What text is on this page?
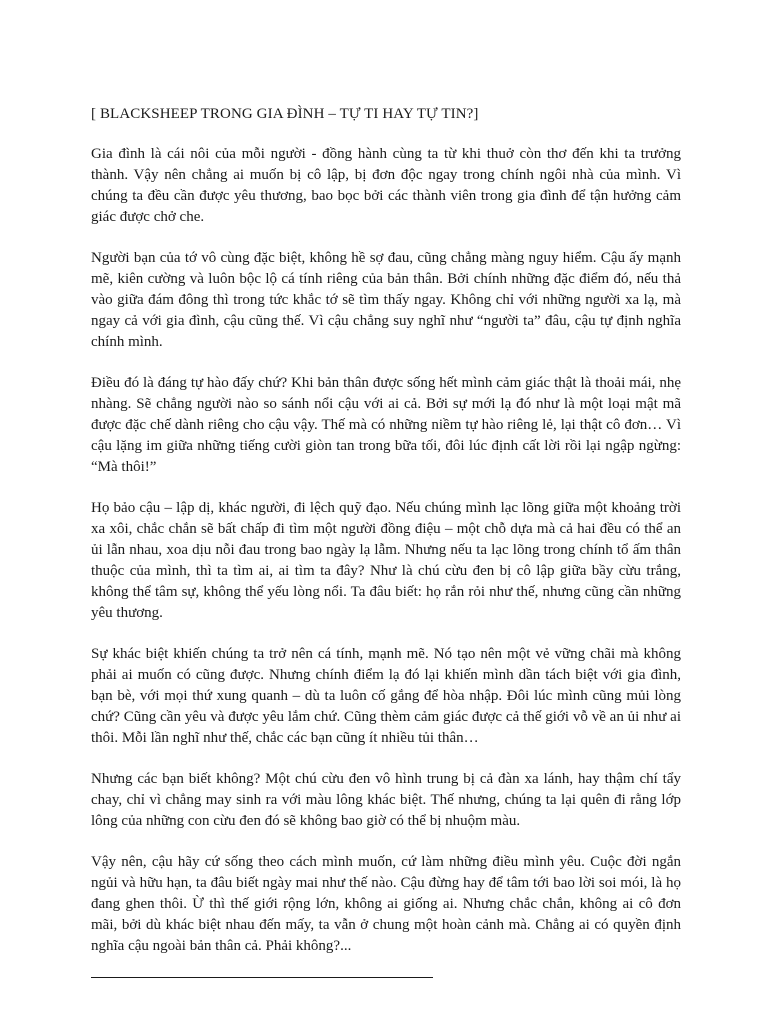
[ BLACKSHEEP TRONG GIA ĐÌNH – TỰ TI HAY TỰ TIN?]

Gia đình là cái nôi của mỗi người - đồng hành cùng ta từ khi thuở còn thơ đến khi ta trưởng thành. Vậy nên chẳng ai muốn bị cô lập, bị đơn độc ngay trong chính ngôi nhà của mình. Vì chúng ta đều cần được yêu thương, bao bọc bởi các thành viên trong gia đình để tận hưởng cảm giác được chở che.

Người bạn của tớ vô cùng đặc biệt, không hề sợ đau, cũng chẳng màng nguy hiểm. Cậu ấy mạnh mẽ, kiên cường và luôn bộc lộ cá tính riêng của bản thân. Bởi chính những đặc điểm đó, nếu thả vào giữa đám đông thì trong tức khắc tớ sẽ tìm thấy ngay. Không chỉ với những người xa lạ, mà ngay cả với gia đình, cậu cũng thế. Vì cậu chẳng suy nghĩ như “người ta” đâu, cậu tự định nghĩa chính mình.

Điều đó là đáng tự hào đấy chứ? Khi bản thân được sống hết mình cảm giác thật là thoải mái, nhẹ nhàng. Sẽ chẳng người nào so sánh nổi cậu với ai cả. Bởi sự mới lạ đó như là một loại mật mã được đặc chế dành riêng cho cậu vậy. Thế mà có những niềm tự hào riêng lẻ, lại thật cô đơn… Vì cậu lặng im giữa những tiếng cười giòn tan trong bữa tối, đôi lúc định cất lời rồi lại ngập ngừng: “Mà thôi!”

Họ bảo cậu – lập dị, khác người, đi lệch quỹ đạo. Nếu chúng mình lạc lõng giữa một khoảng trời xa xôi, chắc chắn sẽ bất chấp đi tìm một người đồng điệu – một chỗ dựa mà cả hai đều có thể an ủi lẫn nhau, xoa dịu nỗi đau trong bao ngày lạ lẫm. Nhưng nếu ta lạc lõng trong chính tổ ấm thân thuộc của mình, thì ta tìm ai, ai tìm ta đây? Như là chú cừu đen bị cô lập giữa bầy cừu trắng, không thể tâm sự, không thể yếu lòng nổi. Ta đâu biết: họ rắn rỏi như thế, nhưng cũng cần những yêu thương.

Sự khác biệt khiến chúng ta trở nên cá tính, mạnh mẽ. Nó tạo nên một vẻ vững chãi mà không phải ai muốn có cũng được. Nhưng chính điểm lạ đó lại khiến mình dần tách biệt với gia đình, bạn bè, với mọi thứ xung quanh – dù ta luôn cố gắng để hòa nhập. Đôi lúc mình cũng mủi lòng chứ? Cũng cần yêu và được yêu lắm chứ. Cũng thèm cảm giác được cả thế giới vỗ về an ủi như ai thôi. Mỗi lần nghĩ như thế, chắc các bạn cũng ít nhiều tủi thân…

Nhưng các bạn biết không? Một chú cừu đen vô hình trung bị cả đàn xa lánh, hay thậm chí tẩy chay, chỉ vì chẳng may sinh ra với màu lông khác biệt. Thế nhưng, chúng ta lại quên đi rằng lớp lông của những con cừu đen đó sẽ không bao giờ có thể bị nhuộm màu.

Vậy nên, cậu hãy cứ sống theo cách mình muốn, cứ làm những điều mình yêu. Cuộc đời ngắn ngủi và hữu hạn, ta đâu biết ngày mai như thế nào. Cậu đừng hay để tâm tới bao lời soi mói, là họ đang ghen thôi. Ừ thì thế giới rộng lớn, không ai giống ai. Nhưng chắc chắn, không ai cô đơn mãi, bởi dù khác biệt nhau đến mấy, ta vẫn ở chung một hoàn cảnh mà. Chẳng ai có quyền định nghĩa cậu ngoài bản thân cả. Phải không?...
